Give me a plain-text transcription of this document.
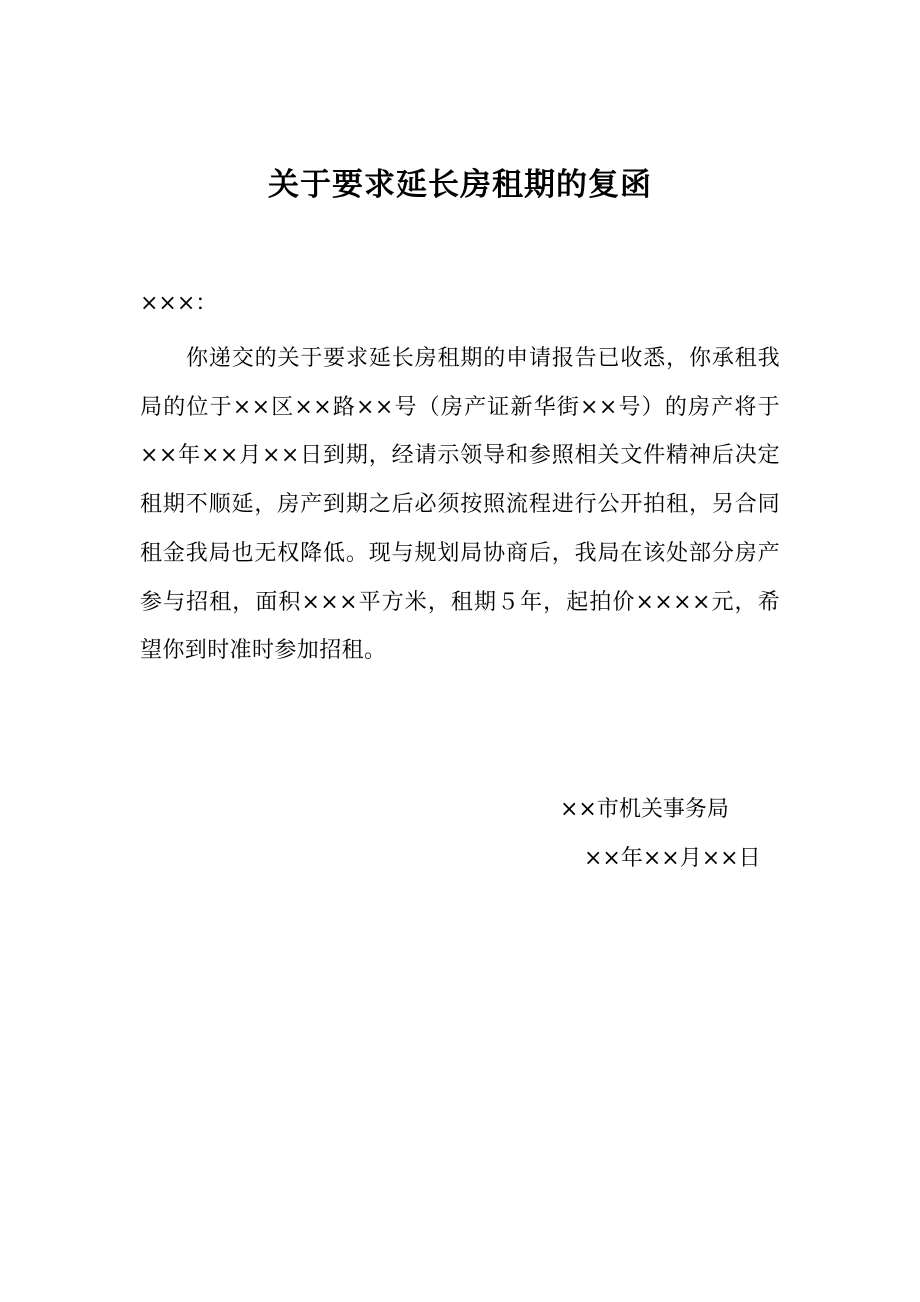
关于要求延长房租期的复函
×××：

你递交的关于要求延长房租期的申请报告已收悉，你承租我局的位于××区××路××号（房产证新华街××号）的房产将于××年××月××日到期，经请示领导和参照相关文件精神后决定租期不顺延，房产到期之后必须按照流程进行公开拍租，另合同租金我局也无权降低。现与规划局协商后，我局在该处部分房产参与招租，面积×××平方米，租期５年，起拍价××××元，希望你到时准时参加招租。

××市机关事务局
××年××月××日
